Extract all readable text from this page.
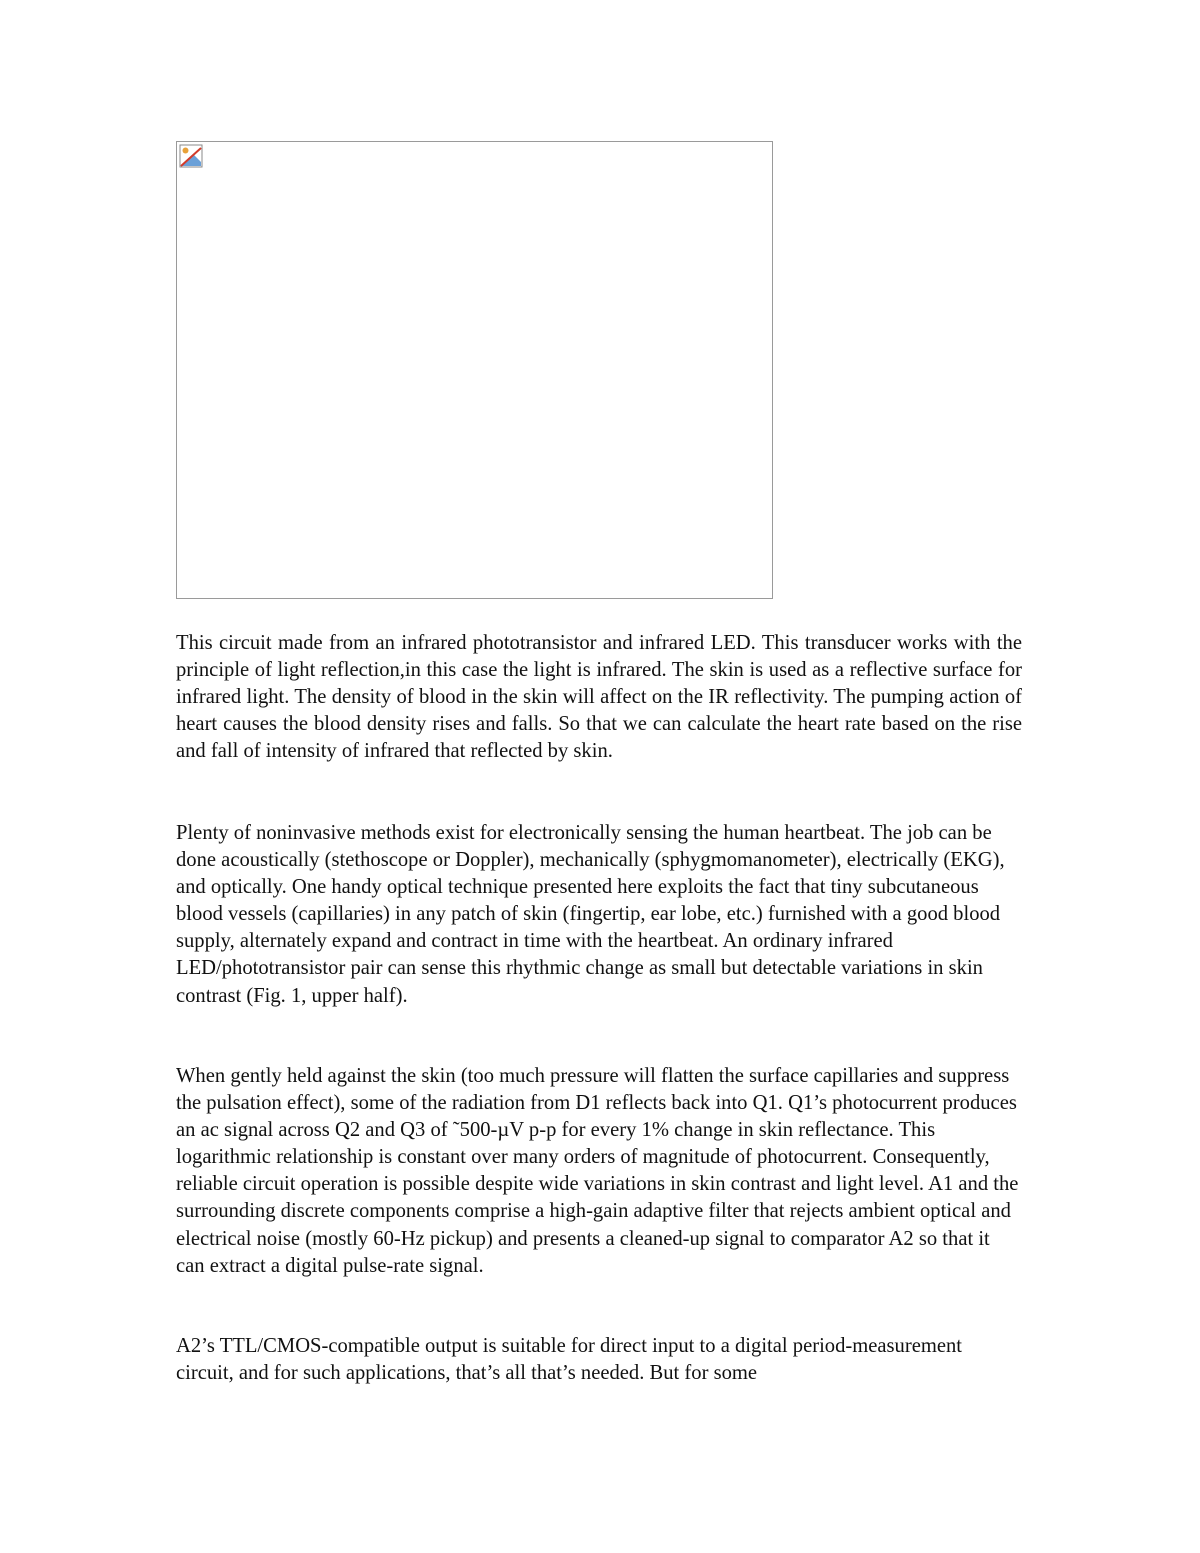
This circuit made from an infrared phototransistor and infrared LED. This transducer works with the principle of light reflection,in this case the light is infrared. The skin is used as a reflective surface for infrared light. The density of blood in the skin will affect on the IR reflectivity. The pumping action of heart causes the blood density rises and falls. So that we can calculate the heart rate based on the rise and fall of intensity of infrared that reflected by skin.

Plenty of noninvasive methods exist for electronically sensing the human heartbeat. The job can be done acoustically (stethoscope or Doppler), mechanically (sphygmomanometer), electrically (EKG), and optically. One handy optical technique presented here exploits the fact that tiny subcutaneous blood vessels (capillaries) in any patch of skin (fingertip, ear lobe, etc.) furnished with a good blood supply, alternately expand and contract in time with the heartbeat. An ordinary infrared LED/phototransistor pair can sense this rhythmic change as small but detectable variations in skin contrast (Fig. 1, upper half).

When gently held against the skin (too much pressure will flatten the surface capillaries and suppress the pulsation effect), some of the radiation from D1 reflects back into Q1. Q1’s photocurrent produces an ac signal across Q2 and Q3 of ˜500-µV p-p for every 1% change in skin reflectance. This logarithmic relationship is constant over many orders of magnitude of photocurrent. Consequently, reliable circuit operation is possible despite wide variations in skin contrast and light level. A1 and the surrounding discrete components comprise a high-gain adaptive filter that rejects ambient optical and electrical noise (mostly 60-Hz pickup) and presents a cleaned-up signal to comparator A2 so that it can extract a digital pulse-rate signal.

A2’s TTL/CMOS-compatible output is suitable for direct input to a digital period-measurement circuit, and for such applications, that’s all that’s needed. But for some
